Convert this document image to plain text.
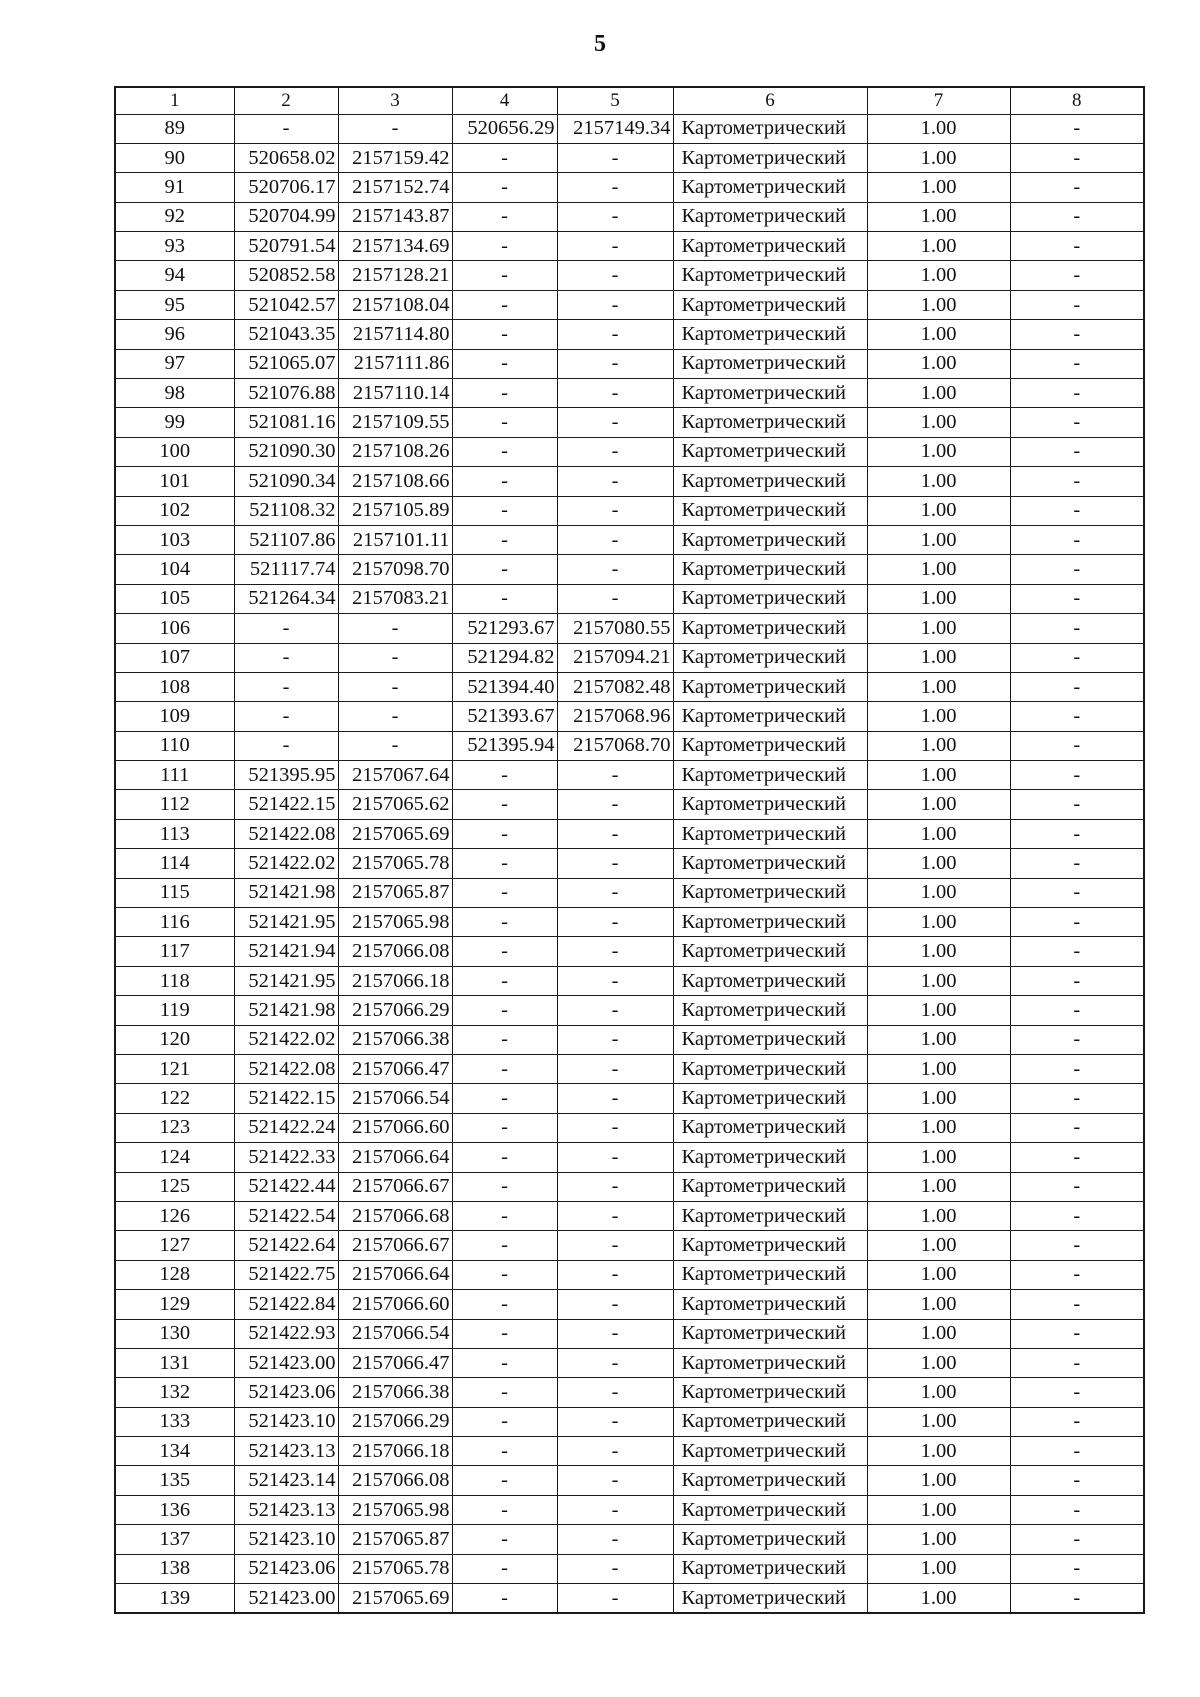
5
1	2	3	4	5	6	7	8
89	-	-	520656.29	2157149.34	Картометрический	1.00	-
90	520658.02	2157159.42	-	-	Картометрический	1.00	-
91	520706.17	2157152.74	-	-	Картометрический	1.00	-
92	520704.99	2157143.87	-	-	Картометрический	1.00	-
93	520791.54	2157134.69	-	-	Картометрический	1.00	-
94	520852.58	2157128.21	-	-	Картометрический	1.00	-
95	521042.57	2157108.04	-	-	Картометрический	1.00	-
96	521043.35	2157114.80	-	-	Картометрический	1.00	-
97	521065.07	2157111.86	-	-	Картометрический	1.00	-
98	521076.88	2157110.14	-	-	Картометрический	1.00	-
99	521081.16	2157109.55	-	-	Картометрический	1.00	-
100	521090.30	2157108.26	-	-	Картометрический	1.00	-
101	521090.34	2157108.66	-	-	Картометрический	1.00	-
102	521108.32	2157105.89	-	-	Картометрический	1.00	-
103	521107.86	2157101.11	-	-	Картометрический	1.00	-
104	521117.74	2157098.70	-	-	Картометрический	1.00	-
105	521264.34	2157083.21	-	-	Картометрический	1.00	-
106	-	-	521293.67	2157080.55	Картометрический	1.00	-
107	-	-	521294.82	2157094.21	Картометрический	1.00	-
108	-	-	521394.40	2157082.48	Картометрический	1.00	-
109	-	-	521393.67	2157068.96	Картометрический	1.00	-
110	-	-	521395.94	2157068.70	Картометрический	1.00	-
111	521395.95	2157067.64	-	-	Картометрический	1.00	-
112	521422.15	2157065.62	-	-	Картометрический	1.00	-
113	521422.08	2157065.69	-	-	Картометрический	1.00	-
114	521422.02	2157065.78	-	-	Картометрический	1.00	-
115	521421.98	2157065.87	-	-	Картометрический	1.00	-
116	521421.95	2157065.98	-	-	Картометрический	1.00	-
117	521421.94	2157066.08	-	-	Картометрический	1.00	-
118	521421.95	2157066.18	-	-	Картометрический	1.00	-
119	521421.98	2157066.29	-	-	Картометрический	1.00	-
120	521422.02	2157066.38	-	-	Картометрический	1.00	-
121	521422.08	2157066.47	-	-	Картометрический	1.00	-
122	521422.15	2157066.54	-	-	Картометрический	1.00	-
123	521422.24	2157066.60	-	-	Картометрический	1.00	-
124	521422.33	2157066.64	-	-	Картометрический	1.00	-
125	521422.44	2157066.67	-	-	Картометрический	1.00	-
126	521422.54	2157066.68	-	-	Картометрический	1.00	-
127	521422.64	2157066.67	-	-	Картометрический	1.00	-
128	521422.75	2157066.64	-	-	Картометрический	1.00	-
129	521422.84	2157066.60	-	-	Картометрический	1.00	-
130	521422.93	2157066.54	-	-	Картометрический	1.00	-
131	521423.00	2157066.47	-	-	Картометрический	1.00	-
132	521423.06	2157066.38	-	-	Картометрический	1.00	-
133	521423.10	2157066.29	-	-	Картометрический	1.00	-
134	521423.13	2157066.18	-	-	Картометрический	1.00	-
135	521423.14	2157066.08	-	-	Картометрический	1.00	-
136	521423.13	2157065.98	-	-	Картометрический	1.00	-
137	521423.10	2157065.87	-	-	Картометрический	1.00	-
138	521423.06	2157065.78	-	-	Картометрический	1.00	-
139	521423.00	2157065.69	-	-	Картометрический	1.00	-
